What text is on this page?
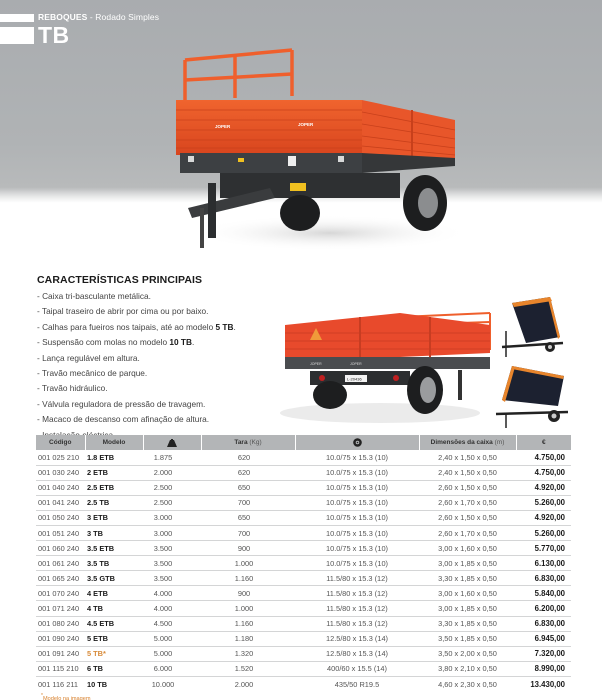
REBOQUES - Rodado Simples
TB
JOPER	JOPER
CARACTERÍSTICAS PRINCIPAIS
- Caixa tri-basculante metálica.
- Taipal traseiro de abrir por cima ou por baixo.
- Calhas para fueiros nos taipais, até ao modelo 5 TB.
- Suspensão com molas no modelo 10 TB.
- Lança regulável em altura.
- Travão mecânico de parque.
- Travão hidráulico.
- Válvula reguladora de pressão de travagem.
- Macaco de descanso com afinação de altura.
JOPER	JOPER
L-20436
Código	Modelo		Tara (Kg)		Dimensões da caixa (m)	€
001 025 210	1.8 ETB	1.875	620	10.0/75 x 15.3 (10)	2,40 x 1,50 x 0,50	4.750,00
001 030 240	2 ETB	2.000	620	10.0/75 x 15.3 (10)	2,40 x 1,50 x 0,50	4.750,00
001 040 240	2.5 ETB	2.500	650	10.0/75 x 15.3 (10)	2,60 x 1,50 x 0,50	4.920,00
001 041 240	2.5 TB	2.500	700	10.0/75 x 15.3 (10)	2,60 x 1,70 x 0,50	5.260,00
001 050 240	3 ETB	3.000	650	10.0/75 x 15.3 (10)	2,60 x 1,50 x 0,50	4.920,00
001 051 240	3 TB	3.000	700	10.0/75 x 15.3 (10)	2,60 x 1,70 x 0,50	5.260,00
001 060 240	3.5 ETB	3.500	900	10.0/75 x 15.3 (10)	3,00 x 1,60 x 0,50	5.770,00
001 061 240	3.5 TB	3.500	1.000	10.0/75 x 15.3 (10)	3,00 x 1,85 x 0,50	6.130,00
001 065 240	3.5 GTB	3.500	1.160	11.5/80 x 15.3 (12)	3,30 x 1,85 x 0,50	6.830,00
001 070 240	4 ETB	4.000	900	11.5/80 x 15.3 (12)	3,00 x 1,60 x 0,50	5.840,00
001 071 240	4 TB	4.000	1.000	11.5/80 x 15.3 (12)	3,00 x 1,85 x 0,50	6.200,00
001 080 240	4.5 ETB	4.500	1.160	11.5/80 x 15.3 (12)	3,30 x 1,85 x 0,50	6.830,00
001 090 240	5 ETB	5.000	1.180	12.5/80 x 15.3 (14)	3,50 x 1,85 x 0,50	6.945,00
001 091 240	5 TB*	5.000	1.320	12.5/80 x 15.3 (14)	3,50 x 2,00 x 0,50	7.320,00
001 115 210	6 TB	6.000	1.520	400/60 x 15.5 (14)	3,80 x 2,10 x 0,50	8.990,00
001 116 211	10 TB	10.000	2.000	435/50 R19.5	4,60 x 2,30 x 0,50	13.430,00
*Modelo na imagem
